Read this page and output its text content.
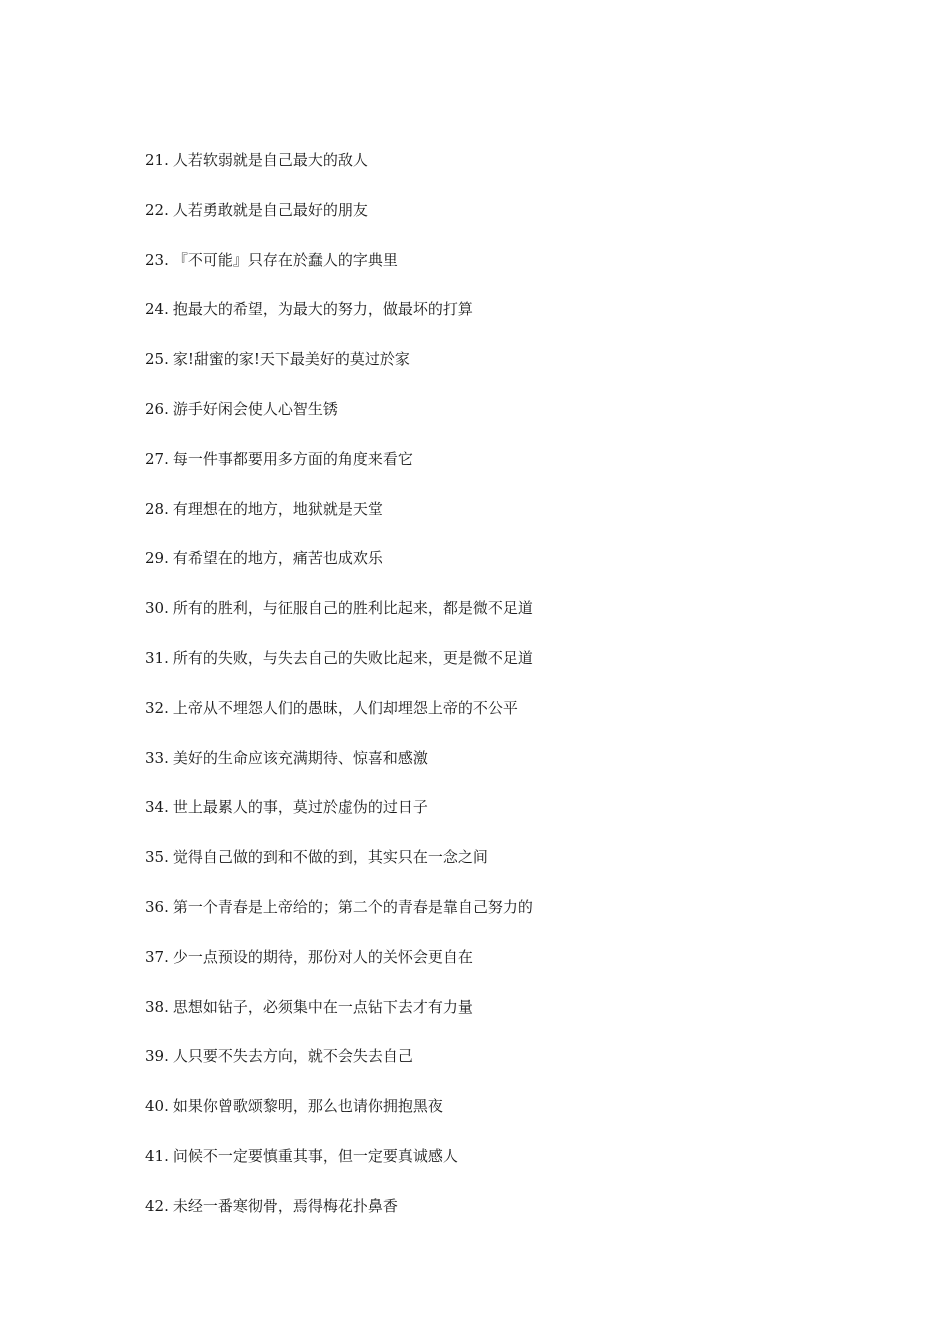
21. 人若软弱就是自己最大的敌人
22. 人若勇敢就是自己最好的朋友
23. 『不可能』只存在於蠢人的字典里
24. 抱最大的希望，为最大的努力，做最坏的打算
25. 家!甜蜜的家!天下最美好的莫过於家
26. 游手好闲会使人心智生锈
27. 每一件事都要用多方面的角度来看它
28. 有理想在的地方，地狱就是天堂
29. 有希望在的地方，痛苦也成欢乐
30. 所有的胜利，与征服自己的胜利比起来，都是微不足道
31. 所有的失败，与失去自己的失败比起来，更是微不足道
32. 上帝从不埋怨人们的愚昧，人们却埋怨上帝的不公平
33. 美好的生命应该充满期待、惊喜和感激
34. 世上最累人的事，莫过於虚伪的过日子
35. 觉得自己做的到和不做的到，其实只在一念之间
36. 第一个青春是上帝给的；第二个的青春是靠自己努力的
37. 少一点预设的期待，那份对人的关怀会更自在
38. 思想如钻子，必须集中在一点钻下去才有力量
39. 人只要不失去方向，就不会失去自己
40. 如果你曾歌颂黎明，那么也请你拥抱黑夜
41. 问候不一定要慎重其事，但一定要真诚感人
42. 未经一番寒彻骨，焉得梅花扑鼻香
